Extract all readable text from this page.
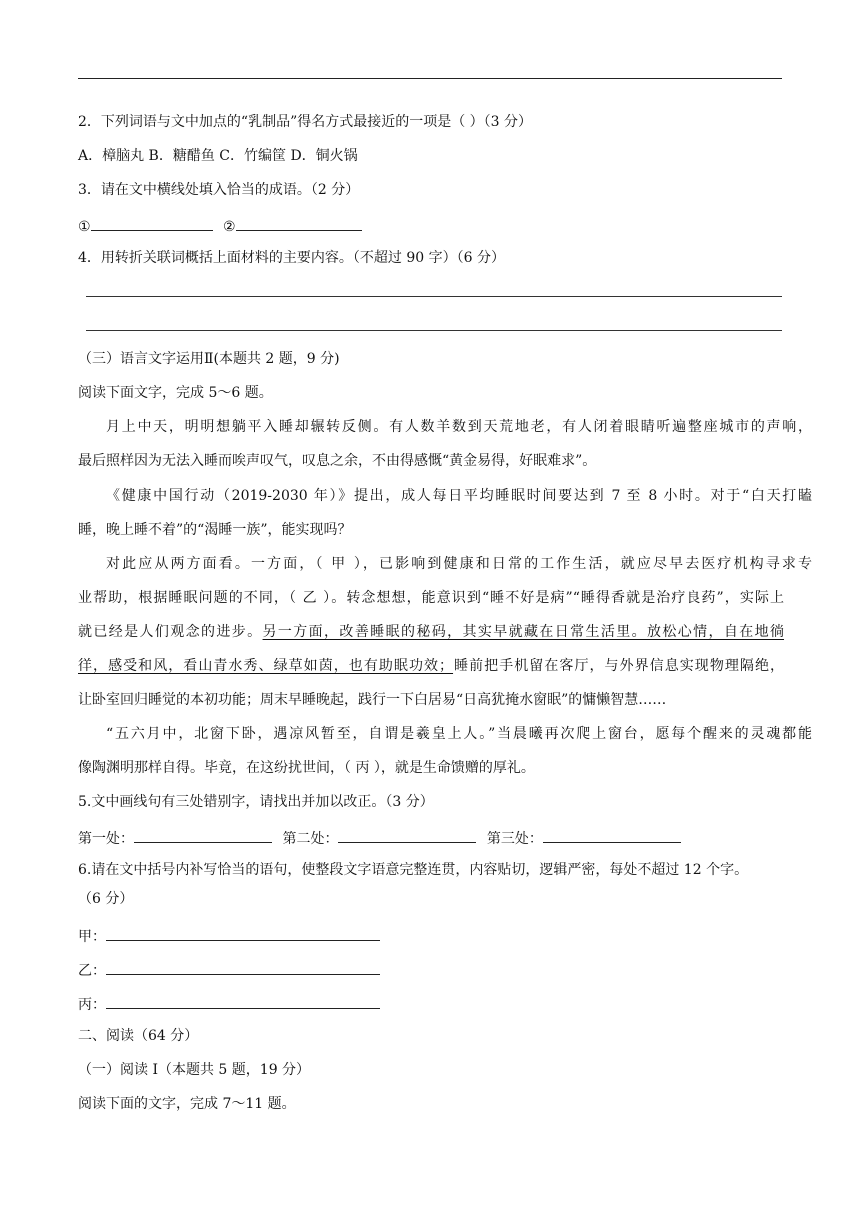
2．下列词语与文中加点的“乳制品”得名方式最接近的一项是（ ）（3 分）
A．樟脑丸 B．糖醋鱼 C．竹编筐 D．铜火锅
3．请在文中横线处填入恰当的成语。（2 分）
①	②
4．用转折关联词概括上面材料的主要内容。（不超过 90 字）（6 分）
（三）语言文字运用Ⅱ(本题共 2 题，9 分)
阅读下面文字，完成 5～6 题。
月上中天，明明想躺平入睡却辗转反侧。有人数羊数到天荒地老，有人闭着眼睛听遍整座城市的声响，
最后照样因为无法入睡而唉声叹气，叹息之余，不由得感慨“黄金易得，好眠难求”。
《健康中国行动（2019-2030 年）》提出，成人每日平均睡眠时间要达到 7 至 8 小时。对于“白天打瞌
睡，晚上睡不着”的“渴睡一族”，能实现吗？
对此应从两方面看。一方面，（ 甲 ），已影响到健康和日常的工作生活，就应尽早去医疗机构寻求专
业帮助，根据睡眠问题的不同，（ 乙 ）。转念想想，能意识到“睡不好是病”“睡得香就是治疗良药”，实际上
就已经是人们观念的进步。另一方面，改善睡眠的秘码，其实早就藏在日常生活里。放松心情，自在地徜
徉，感受和风，看山青水秀、绿草如茵，也有助眠功效；睡前把手机留在客厅，与外界信息实现物理隔绝，
让卧室回归睡觉的本初功能；周末早睡晚起，践行一下白居易“日高犹掩水窗眠”的慵懒智慧……
“五六月中，北窗下卧，遇凉风暂至，自谓是羲皇上人。”当晨曦再次爬上窗台，愿每个醒来的灵魂都能
像陶渊明那样自得。毕竟，在这纷扰世间，（ 丙 ），就是生命馈赠的厚礼。
5.文中画线句有三处错别字，请找出并加以改正。（3 分）
第一处：	第二处：	第三处：
6.请在文中括号内补写恰当的语句，使整段文字语意完整连贯，内容贴切，逻辑严密，每处不超过 12 个字。
（6 分）
甲：
乙：
丙：
二、阅读（64 分）
（一）阅读 I（本题共 5 题，19 分）
阅读下面的文字，完成 7～11 题。
